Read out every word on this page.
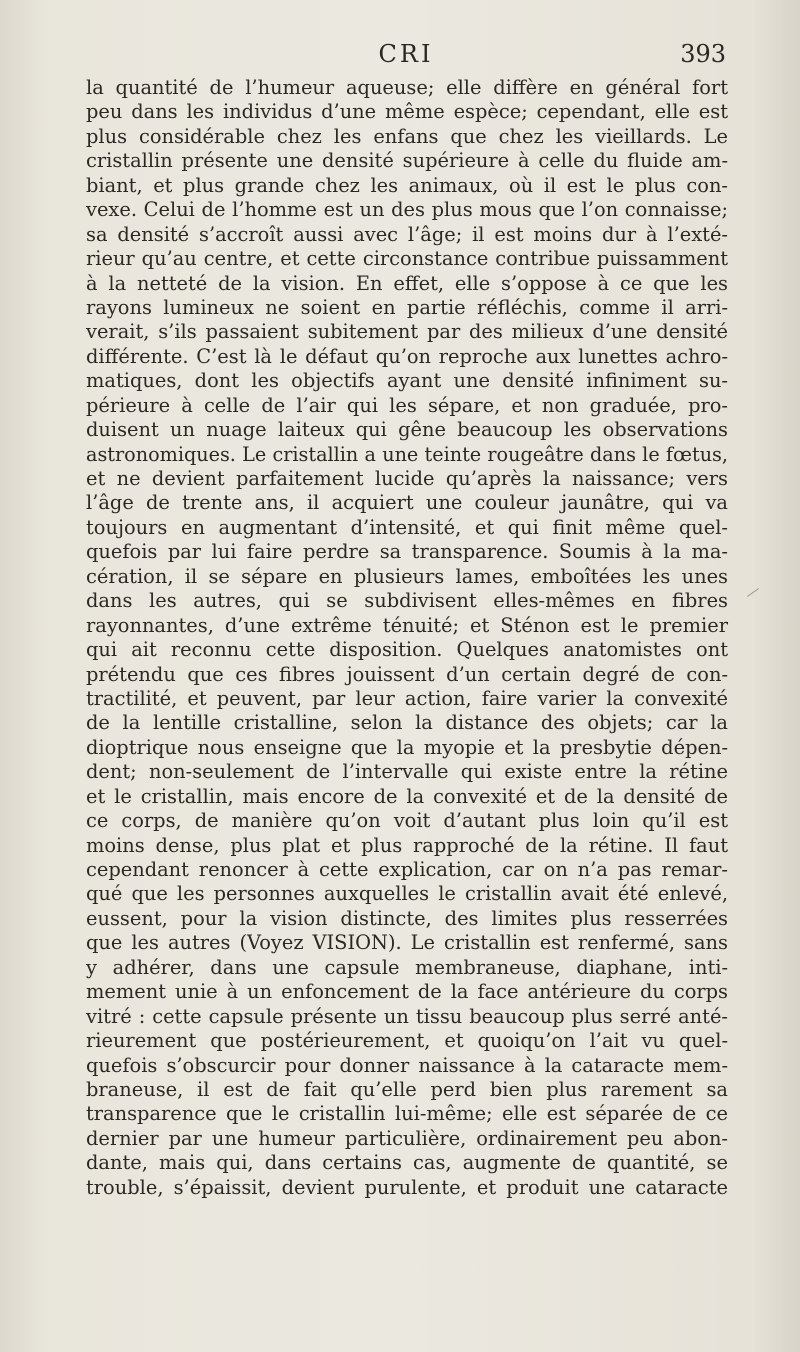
CRI	393
la quantité de l’humeur aqueuse; elle diffère en général fort
peu dans les individus d’une même espèce; cependant, elle est
plus considérable chez les enfans que chez les vieillards. Le
cristallin présente une densité supérieure à celle du fluide am-
biant, et plus grande chez les animaux, où il est le plus con-
vexe. Celui de l’homme est un des plus mous que l’on connaisse;
sa densité s’accroît aussi avec l’âge; il est moins dur à l’exté-
rieur qu’au centre, et cette circonstance contribue puissamment
à la netteté de la vision. En effet, elle s’oppose à ce que les
rayons lumineux ne soient en partie réfléchis, comme il arri-
verait, s’ils passaient subitement par des milieux d’une densité
différente. C’est là le défaut qu’on reproche aux lunettes achro-
matiques, dont les objectifs ayant une densité infiniment su-
périeure à celle de l’air qui les sépare, et non graduée, pro-
duisent un nuage laiteux qui gêne beaucoup les observations
astronomiques. Le cristallin a une teinte rougeâtre dans le fœtus,
et ne devient parfaitement lucide qu’après la naissance; vers
l’âge de trente ans, il acquiert une couleur jaunâtre, qui va
toujours en augmentant d’intensité, et qui finit même quel-
quefois par lui faire perdre sa transparence. Soumis à la ma-
cération, il se sépare en plusieurs lames, emboîtées les unes
dans les autres, qui se subdivisent elles-mêmes en fibres
rayonnantes, d’une extrême ténuité; et Sténon est le premier
qui ait reconnu cette disposition. Quelques anatomistes ont
prétendu que ces fibres jouissent d’un certain degré de con-
tractilité, et peuvent, par leur action, faire varier la convexité
de la lentille cristalline, selon la distance des objets; car la
dioptrique nous enseigne que la myopie et la presbytie dépen-
dent; non-seulement de l’intervalle qui existe entre la rétine
et le cristallin, mais encore de la convexité et de la densité de
ce corps, de manière qu’on voit d’autant plus loin qu’il est
moins dense, plus plat et plus rapproché de la rétine. Il faut
cependant renoncer à cette explication, car on n’a pas remar-
qué que les personnes auxquelles le cristallin avait été enlevé,
eussent, pour la vision distincte, des limites plus resserrées
que les autres (Voyez VISION). Le cristallin est renfermé, sans
y adhérer, dans une capsule membraneuse, diaphane, inti-
mement unie à un enfoncement de la face antérieure du corps
vitré : cette capsule présente un tissu beaucoup plus serré anté-
rieurement que postérieurement, et quoiqu’on l’ait vu quel-
quefois s’obscurcir pour donner naissance à la cataracte mem-
braneuse, il est de fait qu’elle perd bien plus rarement sa
transparence que le cristallin lui-même; elle est séparée de ce
dernier par une humeur particulière, ordinairement peu abon-
dante, mais qui, dans certains cas, augmente de quantité, se
trouble, s’épaissit, devient purulente, et produit une cataracte
